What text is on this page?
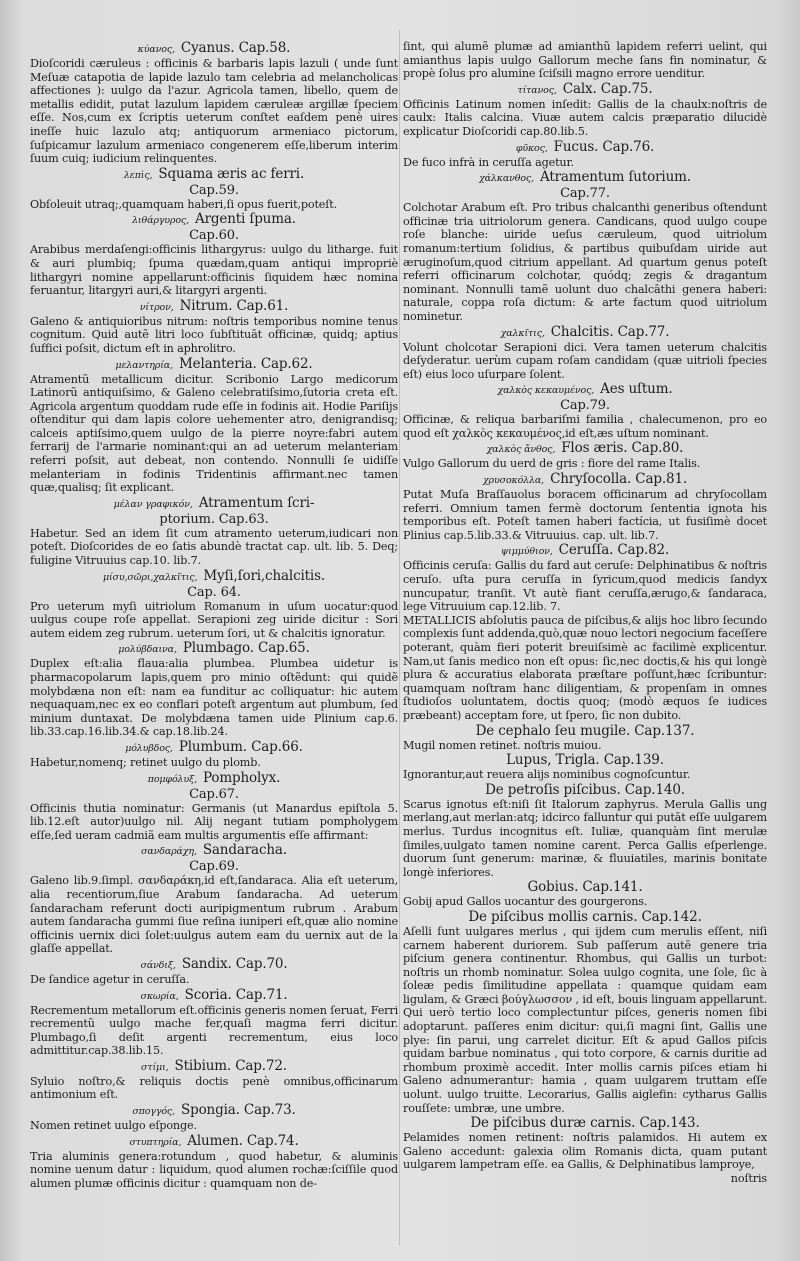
κύανος, Cyanus. Cap.58.

Dioſcoridi cæruleus : officinis & barbaris lapis lazuli ( unde ſunt Meſuæ catapotia de lapide lazulo tam celebria ad melancholicas affectiones ): uulgo da l'azur. Agricola tamen, libello, quem de metallis edidit, putat lazulum lapidem cæruleæ argillæ ſpeciem eſſe. Nos,cum ex ſcriptis ueterum conſtet eaſdem penè uires ineſſe huic lazulo atq; antiquorum armeniaco pictorum, ſuſpicamur lazulum armeniaco congenerem eſſe,liberum interim ſuum cuiq; iudicium relinquentes.

λεπὶς, Squama æris ac ferri.
Cap.59.

Obſoleuit utraq;,quamquam haberi,ſi opus fuerit,poteſt.

λιθάργυρος, Argenti ſpuma.
Cap.60.

Arabibus merdaſengi:officinis lithargyrus: uulgo du litharge. fuit & auri plumbiq; ſpuma quædam,quam antiqui impropriè lithargyri nomine appellarunt:officinis ſiquidem hæc nomina feruantur, litargyri auri,& litargyri argenti.

νίτρον, Nitrum. Cap.61.

Galeno & antiquioribus nitrum: noſtris temporibus nomine tenus cognitum. Quid autẽ litri loco ſubſtituāt officinæ, quidq; aptius ſuffici poſsit, dictum eſt in aphrolitro.

μελαντηρία, Melanteria. Cap.62.

Atramentũ metallicum dicitur. Scribonio Largo medicorum Latinorũ antiquiſsimo, & Galeno celebratiſsimo,ſutoria creta eſt. Agricola argentum quoddam rude eſſe in fodinis ait. Hodie Pariſijs oſtenditur qui dam lapis colore uehementer atro, denigrandisq; calceis aptiſsimo,quem uulgo de la pierre noyre:fabri autem ferrarij de l'armarie nominant:qui an ad ueterum melanteriam referri poſsit, aut debeat, non contendo. Nonnulli ſe uidiſſe melanteriam in fodinis Tridentinis affirmant.nec tamen quæ,qualisq; ſit explicant.

μέλαν γραφικόν, Atramentum ſcri-
ptorium. Cap.63.

Habetur. Sed an idem ſit cum atramento ueterum,iudicari non poteſt. Dioſcorides de eo ſatis abundè tractat cap. ult. lib. 5. Deq; fuligine Vitruuius cap.10. lib.7.

μίσυ,σῶρι,χαλκῖτις, Myſi,ſori,chalcitis.
Cap. 64.

Pro ueterum myſi uitriolum Romanum in uſum uocatur:quod uulgus coupe roſe appellat. Serapioni zeg uiride dicitur : Sori autem eidem zeg rubrum. ueterum ſori, ut & chalcitis ignoratur.

μολύβδαινα, Plumbago. Cap.65.

Duplex eſt:alia flaua:alia plumbea. Plumbea uidetur is pharmacopolarum lapis,quem pro minio oſtẽdunt: qui quidẽ molybdæna non eſt: nam ea funditur ac colliquatur: hic autem nequaquam,nec ex eo conflari poteſt argentum aut plumbum, ſed minium duntaxat. De molybdæna tamen uide Plinium cap.6. lib.33.cap.16.lib.34.& cap.18.lib.24.

μόλυβδος, Plumbum. Cap.66.

Habetur,nomenq; retinet uulgo du plomb.

πομφόλυξ, Pompholyx.
Cap.67.

Officinis thutia nominatur: Germanis (ut Manardus epiſtola 5. lib.12.eſt autor)uulgo nil. Alij negant tutiam pompholygem eſſe,ſed ueram cadmiã eam multis argumentis eſſe affirmant:

σανδαράχη, Sandaracha.
Cap.69.

Galeno lib.9.ſimpl. σανδαράκη,id eſt,ſandaraca. Alia eſt ueterum, alia recentiorum,ſiue Arabum ſandaracha. Ad ueterum ſandaracham referunt docti auripigmentum rubrum . Arabum autem ſandaracha gummi ſiue reſina iuniperi eſt,quæ alio nomine officinis uernix dici ſolet:uulgus autem eam du uernix aut de la glaſſe appellat.

σάνδιξ, Sandix. Cap.70.

De ſandice agetur in ceruſſa.

σκωρία, Scoria. Cap.71.

Recrementum metallorum eſt.officinis generis nomen ſeruat, Ferri recrementũ uulgo mache fer,quaſi magma ferri dicitur. Plumbago,ſi deſit argenti recrementum, eius loco admittitur.cap.38.lib.15.

στίμι, Stibium. Cap.72.

Syluio noſtro,& reliquis doctis penè omnibus,officinarum antimonium eſt.

σπογγός, Spongia. Cap.73.

Nomen retinet uulgo eſponge.

στυπτηρία, Alumen. Cap.74.

Tria aluminis genera:rotundum , quod habetur, & aluminis nomine uenum datur : liquidum, quod alumen rochæ:ſciſſile quod alumen plumæ officinis dicitur : quamquam non de-

ſint, qui alumẽ plumæ ad amianthũ lapidem referri uelint, qui amianthus lapis uulgo Gallorum meche ſans fin nominatur, & propè ſolus pro alumine ſciſsili magno errore uenditur.

τίτανος, Calx. Cap.75.

Officinis Latinum nomen inſedit: Gallis de la chaulx:noſtris de caulx: Italis calcina. Viuæ autem calcis præparatio dilucidè explicatur Dioſcoridi cap.80.lib.5.

φῦκος, Fucus. Cap.76.

De fuco infrà in ceruſſa agetur.

χάλκανθος, Atramentum ſutorium.
Cap.77.

Colchotar Arabum eſt. Pro tribus chalcanthi generibus oſtendunt officinæ tria uitriolorum genera. Candicans, quod uulgo coupe roſe blanche: uiride ueſus cæruleum, quod uitriolum romanum:tertium ſolidius, & partibus quibuſdam uiride aut æruginoſum,quod citrium appellant. Ad quartum genus poteſt referri officinarum colchotar, quódq; zegis & dragantum nominant. Nonnulli tamẽ uolunt duo chalcāthi genera haberi: naturale, coppa roſa dictum: & arte factum quod uitriolum nominetur.

χαλκῖτις, Chalcitis. Cap.77.

Volunt cholcotar Serapioni dici. Vera tamen ueterum chalcitis deſyderatur. uerùm cupam roſam candidam (quæ uitrioli ſpecies eſt) eius loco uſurpare ſolent.

χαλκὸς κεκαυμένος, Aes uſtum.
Cap.79.

Officinæ, & reliqua barbariſmi familia , chalecumenon, pro eo quod eſt χαλκὸς κεκαυμένος,id eſt,æs uſtum nominant.

χαλκὸς ἄνθος, Flos æris. Cap.80.

Vulgo Gallorum du uerd de gris : fiore del rame Italis.

χρυσοκόλλα, Chryſocolla. Cap.81.

Putat Muſa Braſſauolus boracem officinarum ad chryſocollam referri. Omnium tamen fermè doctorum ſententia ignota his temporibus eſt. Poteſt tamen haberi factícia, ut fusiſimè docet Plinius cap.5.lib.33.& Vitruuius. cap. ult. lib.7.

ψιμμύθιον, Ceruſſa. Cap.82.

Officinis ceruſa: Gallis du fard aut ceruſe: Delphinatibus & noſtris ceruſo. uſta pura ceruſſa in ſyricum,quod medicis ſandyx nuncupatur, tranſit. Vt autè fiant ceruſſa,ærugo,& ſandaraca, lege Vitruuium cap.12.lib. 7.

METALLICIS abſolutis pauca de piſcibus,& alijs hoc libro ſecundo complexis ſunt addenda,quò,quæ nouo lectori negocium faceſſere poterant, quàm fieri poterit breuiſsimè ac facilimè explicentur. Nam,ut ſanis medico non eſt opus: ſic,nec doctis,& his qui longè plura & accuratius elaborata præſtare poſſunt,hæc ſcribuntur: quamquam noſtram hanc diligentiam, & propenſam in omnes ſtudioſos uoluntatem, doctis quoq; (modò æquos ſe iudices præbeant) acceptam fore, ut ſpero, ſic non dubito.

De cephalo ſeu mugile. Cap.137.

Mugil nomen retinet. noſtris muiou.

Lupus, Trigla. Cap.139.

Ignorantur,aut reuera alijs nominibus cognoſcuntur.

De petroſis piſcibus. Cap.140.

Scarus ignotus eſt:niſi ſit Italorum zaphyrus. Merula Gallis ung merlang,aut merlan:atq; idcirco falluntur qui putāt eſſe uulgarem merlus. Turdus incognitus eſt. Iuliæ, quanquàm ſint merulæ ſimiles,uulgato tamen nomine carent. Perca Gallis eſperlenge. duorum ſunt generum: marinæ, & fluuiatiles, marinis bonitate longè inferiores.

Gobius. Cap.141.

Gobij apud Gallos uocantur des gourgerons.

De piſcibus mollis carnis. Cap.142.

Aſelli ſunt uulgares merlus , qui ijdem cum merulis eſſent, niſi carnem haberent duriorem. Sub paſſerum autē genere tria piſcium genera continentur. Rhombus, qui Gallis un turbot: noſtris un rhomb nominatur. Solea uulgo cognita, une ſole, ſic à ſoleæ pedis ſimilitudine appellata : quamque quidam eam ligulam, & Græci βούγλωσσον , id eſt, bouis linguam appellarunt. Qui uerò tertio loco complectuntur piſces, generis nomen ſibi adoptarunt. paſſeres enim dicitur: qui,ſi magni ſint, Gallis une plye: ſin parui, ung carrelet dicitur. Eſt & apud Gallos piſcis quidam barbue nominatus , qui toto corpore, & carnis duritie ad rhombum proximè accedit. Inter mollis carnis piſces etiam hi Galeno adnumerantur: hamia , quam uulgarem truttam eſſe uolunt. uulgo truitte. Lecorarius, Gallis aiglefin: cytharus Gallis rouſſete: umbræ, une umbre.

De piſcibus duræ carnis. Cap.143.

Pelamides nomen retinent: noſtris palamidos. Hi autem ex Galeno accedunt: galexia olim Romanis dicta, quam putant uulgarem lampetram eſſe. ea Gallis, & Delphinatibus lamproye,

noſtris
